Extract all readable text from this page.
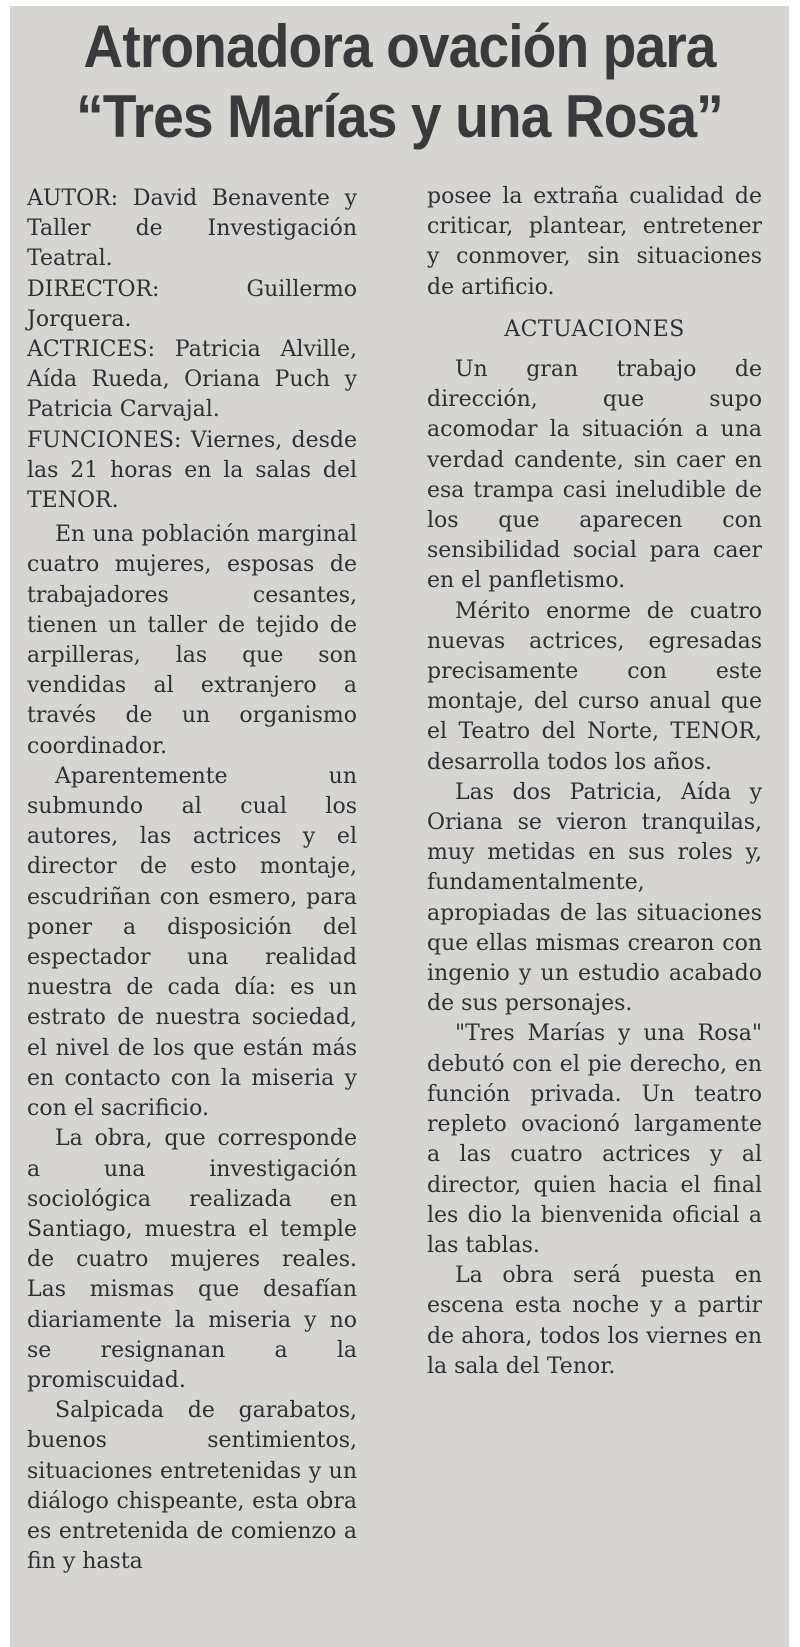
Atronadora ovación para
“Tres Marías y una Rosa”

AUTOR: David Benavente y Taller de Investigación Teatral.

DIRECTOR:	Guillermo Jorquera.

ACTRICES: Patricia Alville, Aída Rueda, Oriana Puch y Patricia Carvajal.

FUNCIONES: Viernes, desde las 21 horas en la salas del TENOR.

En una población marginal cuatro mujeres, esposas de trabajadores cesantes, tienen un taller de tejido de arpilleras, las que son vendidas al extranjero a través de un organismo coordinador.

Aparentemente un submundo al cual los autores, las actrices y el director de esto montaje, escudriñan con esmero, para poner a disposición del espectador una realidad nuestra de cada día: es un estrato de nuestra sociedad, el nivel de los que están más en contacto con la miseria y con el sacrificio.

La obra, que corresponde a una investigación sociológica realizada en Santiago, muestra el temple de cuatro mujeres reales. Las mismas que desafían diariamente la miseria y no se resignanan a la promiscuidad.

Salpicada de garabatos, buenos sentimientos, situaciones entretenidas y un diálogo chispeante, esta obra es entretenida de comienzo a fin y hasta

posee la extraña cualidad de criticar, plantear, entretener y conmover, sin situaciones de artificio.

ACTUACIONES

Un gran trabajo de dirección, que supo acomodar la situación a una verdad candente, sin caer en esa trampa casi ineludible de los que aparecen con sensibilidad social para caer en el panfletismo.

Mérito enorme de cuatro nuevas actrices, egresadas precisamente con este montaje, del curso anual que el Teatro del Norte, TENOR, desarrolla todos los años.

Las dos Patricia, Aída y Oriana se vieron tranquilas, muy metidas en sus roles y, fundamentalmente, apropiadas de las situaciones que ellas mismas crearon con ingenio y un estudio acabado de sus personajes.

"Tres Marías y una Rosa" debutó con el pie derecho, en función privada. Un teatro repleto ovacionó largamente a las cuatro actrices y al director, quien hacia el final les dio la bienvenida oficial a las tablas.

La obra será puesta en escena esta noche y a partir de ahora, todos los viernes en la sala del Tenor.
